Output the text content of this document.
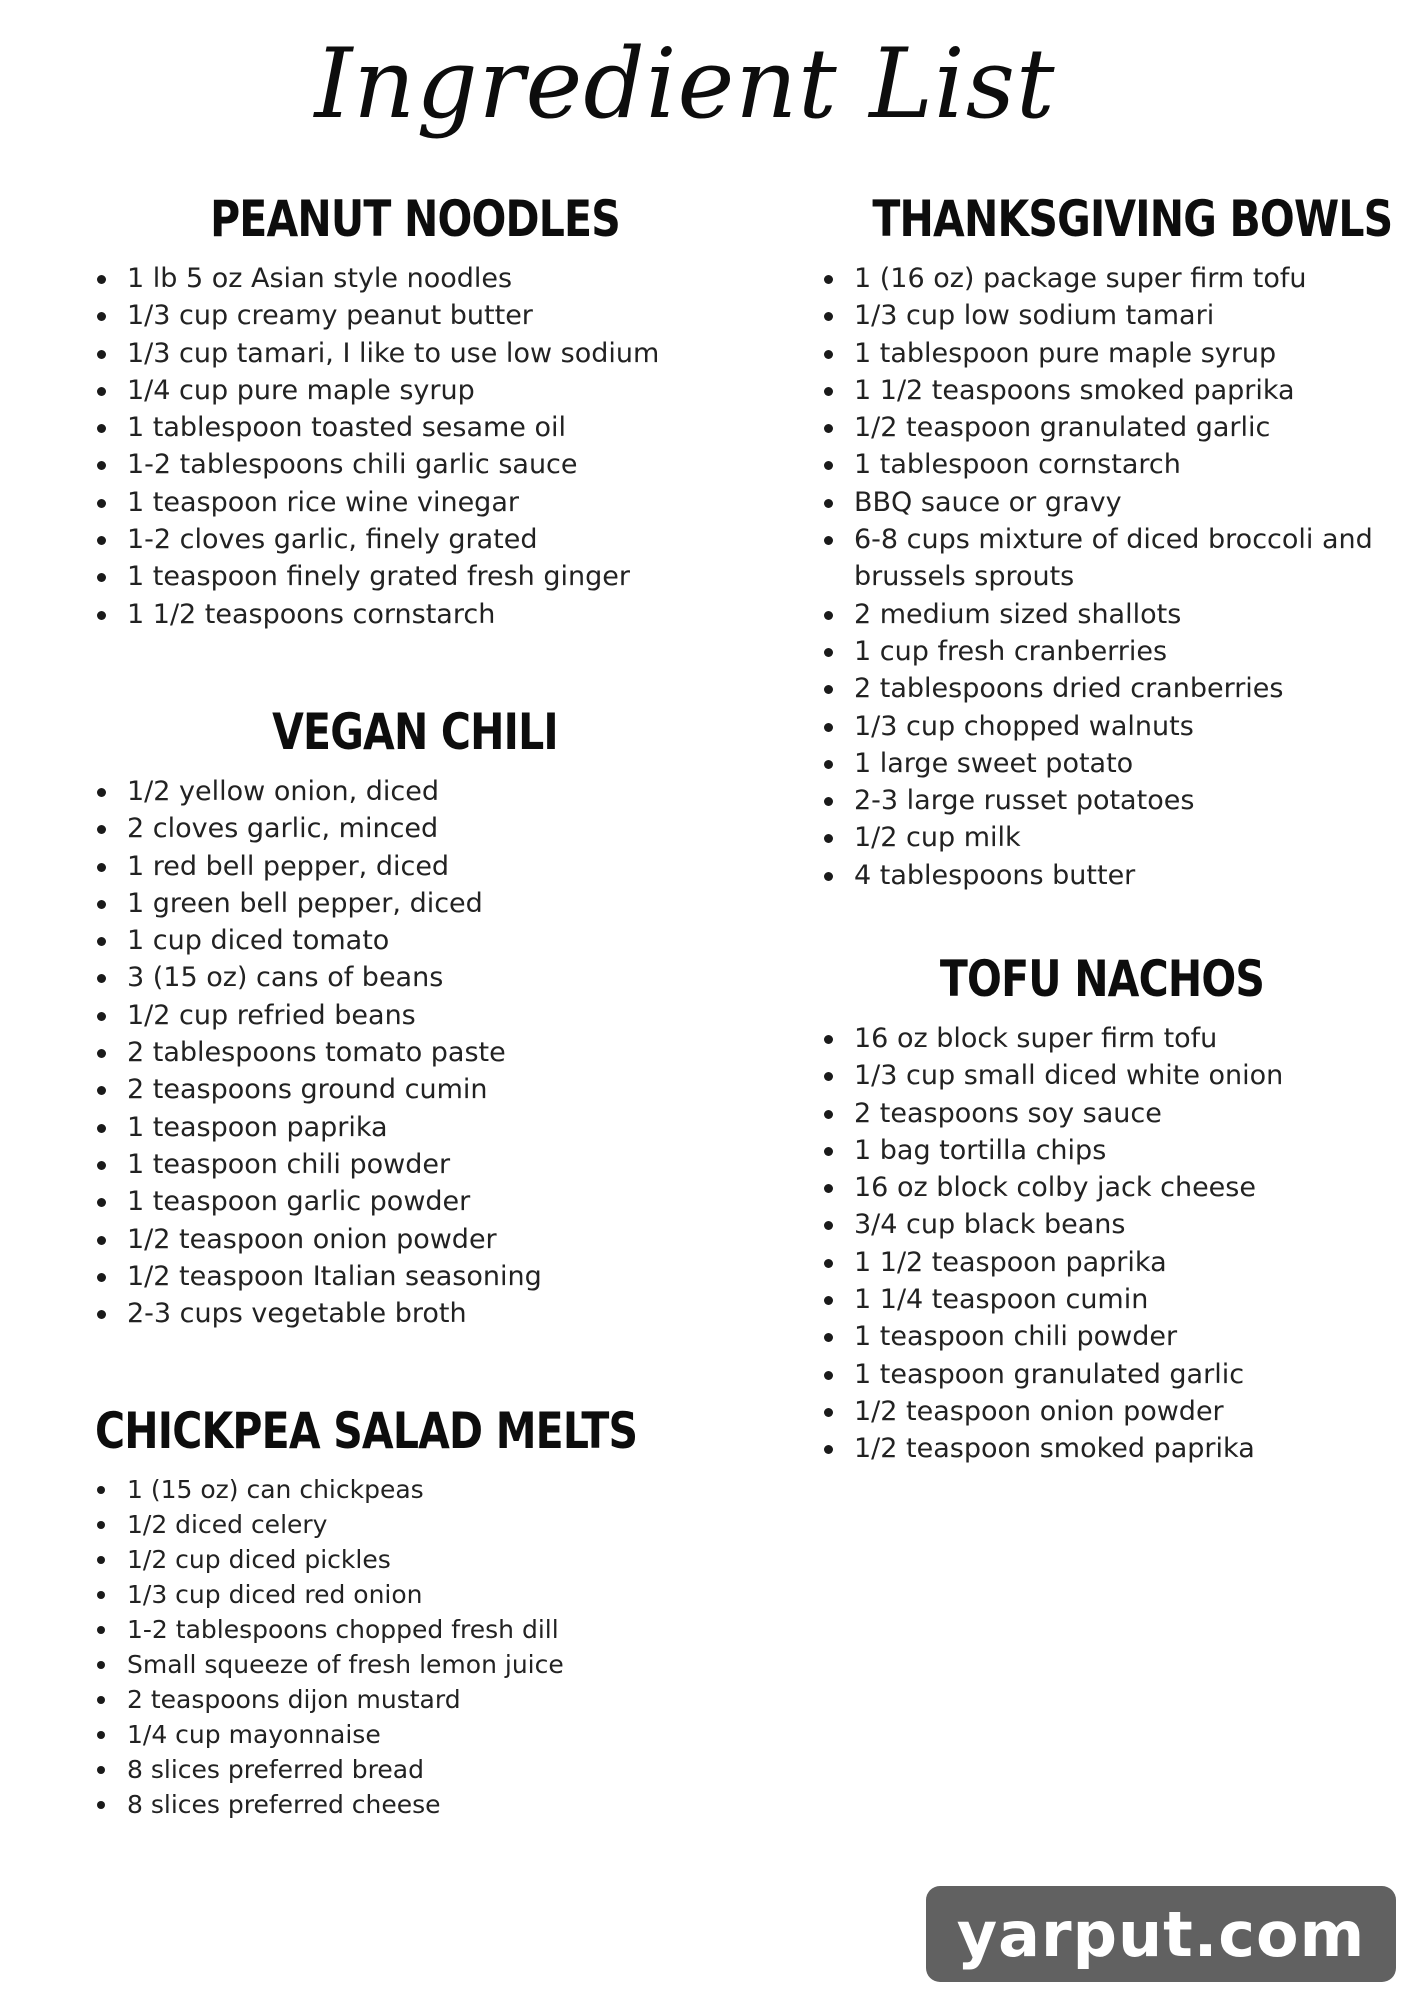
Ingredient List
PEANUT NOODLES
1 lb 5 oz Asian style noodles
1/3 cup creamy peanut butter
1/3 cup tamari, I like to use low sodium
1/4 cup pure maple syrup
1 tablespoon toasted sesame oil
1-2 tablespoons chili garlic sauce
1 teaspoon rice wine vinegar
1-2 cloves garlic, finely grated
1 teaspoon finely grated fresh ginger
1 1/2 teaspoons cornstarch
VEGAN CHILI
1/2 yellow onion, diced
2 cloves garlic, minced
1 red bell pepper, diced
1 green bell pepper, diced
1 cup diced tomato
3 (15 oz) cans of beans
1/2 cup refried beans
2 tablespoons tomato paste
2 teaspoons ground cumin
1 teaspoon paprika
1 teaspoon chili powder
1 teaspoon garlic powder
1/2 teaspoon onion powder
1/2 teaspoon Italian seasoning
2-3 cups vegetable broth
CHICKPEA SALAD MELTS
1 (15 oz) can chickpeas
1/2 diced celery
1/2 cup diced pickles
1/3 cup diced red onion
1-2 tablespoons chopped fresh dill
Small squeeze of fresh lemon juice
2 teaspoons dijon mustard
1/4 cup mayonnaise
8 slices preferred bread
8 slices preferred cheese
THANKSGIVING BOWLS
1 (16 oz) package super firm tofu
1/3 cup low sodium tamari
1 tablespoon pure maple syrup
1 1/2 teaspoons smoked paprika
1/2 teaspoon granulated garlic
1 tablespoon cornstarch
BBQ sauce or gravy
6-8 cups mixture of diced broccoli and brussels sprouts
2 medium sized shallots
1 cup fresh cranberries
2 tablespoons dried cranberries
1/3 cup chopped walnuts
1 large sweet potato
2-3 large russet potatoes
1/2 cup milk
4 tablespoons butter
TOFU NACHOS
16 oz block super firm tofu
1/3 cup small diced white onion
2 teaspoons soy sauce
1 bag tortilla chips
16 oz block colby jack cheese
3/4 cup black beans
1 1/2 teaspoon paprika
1 1/4 teaspoon cumin
1 teaspoon chili powder
1 teaspoon granulated garlic
1/2 teaspoon onion powder
1/2 teaspoon smoked paprika
yarput.com
